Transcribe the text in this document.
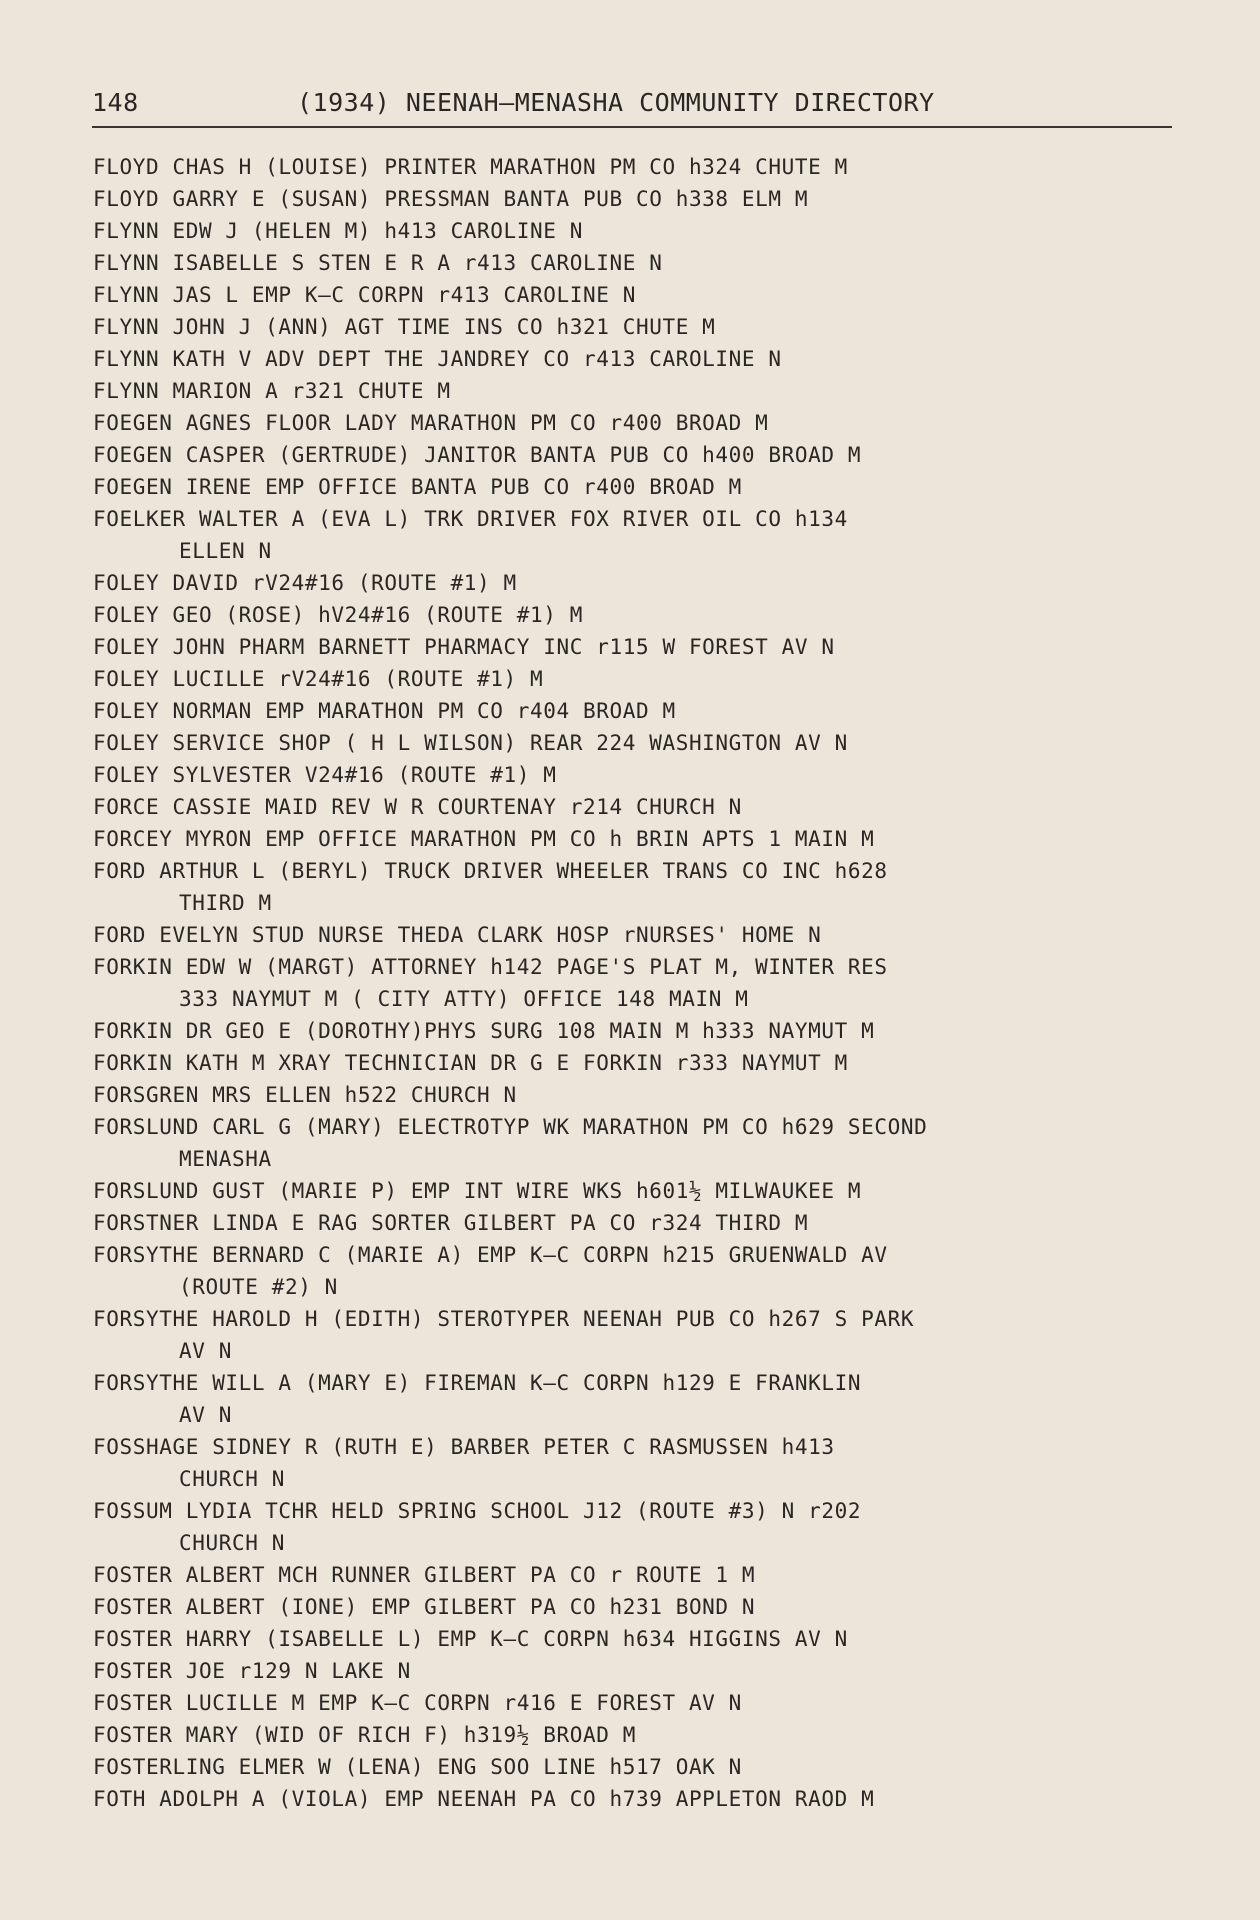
148	(1934) NEENAH—MENASHA COMMUNITY DIRECTORY
FLOYD CHAS H (LOUISE) PRINTER MARATHON PM CO h324 CHUTE M
FLOYD GARRY E (SUSAN) PRESSMAN BANTA PUB CO h338 ELM M
FLYNN EDW J (HELEN M) h413 CAROLINE N
FLYNN ISABELLE S STEN E R A r413 CAROLINE N
FLYNN JAS L EMP K—C CORPN r413 CAROLINE N
FLYNN JOHN J (ANN) AGT TIME INS CO h321 CHUTE M
FLYNN KATH V ADV DEPT THE JANDREY CO r413 CAROLINE N
FLYNN MARION A r321 CHUTE M
FOEGEN AGNES FLOOR LADY MARATHON PM CO r400 BROAD M
FOEGEN CASPER (GERTRUDE) JANITOR BANTA PUB CO h400 BROAD M
FOEGEN IRENE EMP OFFICE BANTA PUB CO r400 BROAD M
FOELKER WALTER A (EVA L) TRK DRIVER FOX RIVER OIL CO h134
ELLEN N
FOLEY DAVID rV24#16 (ROUTE #1) M
FOLEY GEO (ROSE) hV24#16 (ROUTE #1) M
FOLEY JOHN PHARM BARNETT PHARMACY INC r115 W FOREST AV N
FOLEY LUCILLE rV24#16 (ROUTE #1) M
FOLEY NORMAN EMP MARATHON PM CO r404 BROAD M
FOLEY SERVICE SHOP ( H L WILSON) REAR 224 WASHINGTON AV N
FOLEY SYLVESTER V24#16 (ROUTE #1) M
FORCE CASSIE MAID REV W R COURTENAY r214 CHURCH N
FORCEY MYRON EMP OFFICE MARATHON PM CO h BRIN APTS 1 MAIN M
FORD ARTHUR L (BERYL) TRUCK DRIVER WHEELER TRANS CO INC h628
THIRD M
FORD EVELYN STUD NURSE THEDA CLARK HOSP rNURSES' HOME N
FORKIN EDW W (MARGT) ATTORNEY h142 PAGE'S PLAT M, WINTER RES
333 NAYMUT M ( CITY ATTY) OFFICE 148 MAIN M
FORKIN DR GEO E (DOROTHY)PHYS SURG 108 MAIN M h333 NAYMUT M
FORKIN KATH M XRAY TECHNICIAN DR G E FORKIN r333 NAYMUT M
FORSGREN MRS ELLEN h522 CHURCH N
FORSLUND CARL G (MARY) ELECTROTYP WK MARATHON PM CO h629 SECOND
MENASHA
FORSLUND GUST (MARIE P) EMP INT WIRE WKS h601½ MILWAUKEE M
FORSTNER LINDA E RAG SORTER GILBERT PA CO r324 THIRD M
FORSYTHE BERNARD C (MARIE A) EMP K—C CORPN h215 GRUENWALD AV
(ROUTE #2) N
FORSYTHE HAROLD H (EDITH) STEROTYPER NEENAH PUB CO h267 S PARK
AV N
FORSYTHE WILL A (MARY E) FIREMAN K—C CORPN h129 E FRANKLIN
AV N
FOSSHAGE SIDNEY R (RUTH E) BARBER PETER C RASMUSSEN h413
CHURCH N
FOSSUM LYDIA TCHR HELD SPRING SCHOOL J12 (ROUTE #3) N r202
CHURCH N
FOSTER ALBERT MCH RUNNER GILBERT PA CO r ROUTE 1 M
FOSTER ALBERT (IONE) EMP GILBERT PA CO h231 BOND N
FOSTER HARRY (ISABELLE L) EMP K—C CORPN h634 HIGGINS AV N
FOSTER JOE r129 N LAKE N
FOSTER LUCILLE M EMP K—C CORPN r416 E FOREST AV N
FOSTER MARY (WID OF RICH F) h319½ BROAD M
FOSTERLING ELMER W (LENA) ENG SOO LINE h517 OAK N
FOTH ADOLPH A (VIOLA) EMP NEENAH PA CO h739 APPLETON RAOD M
